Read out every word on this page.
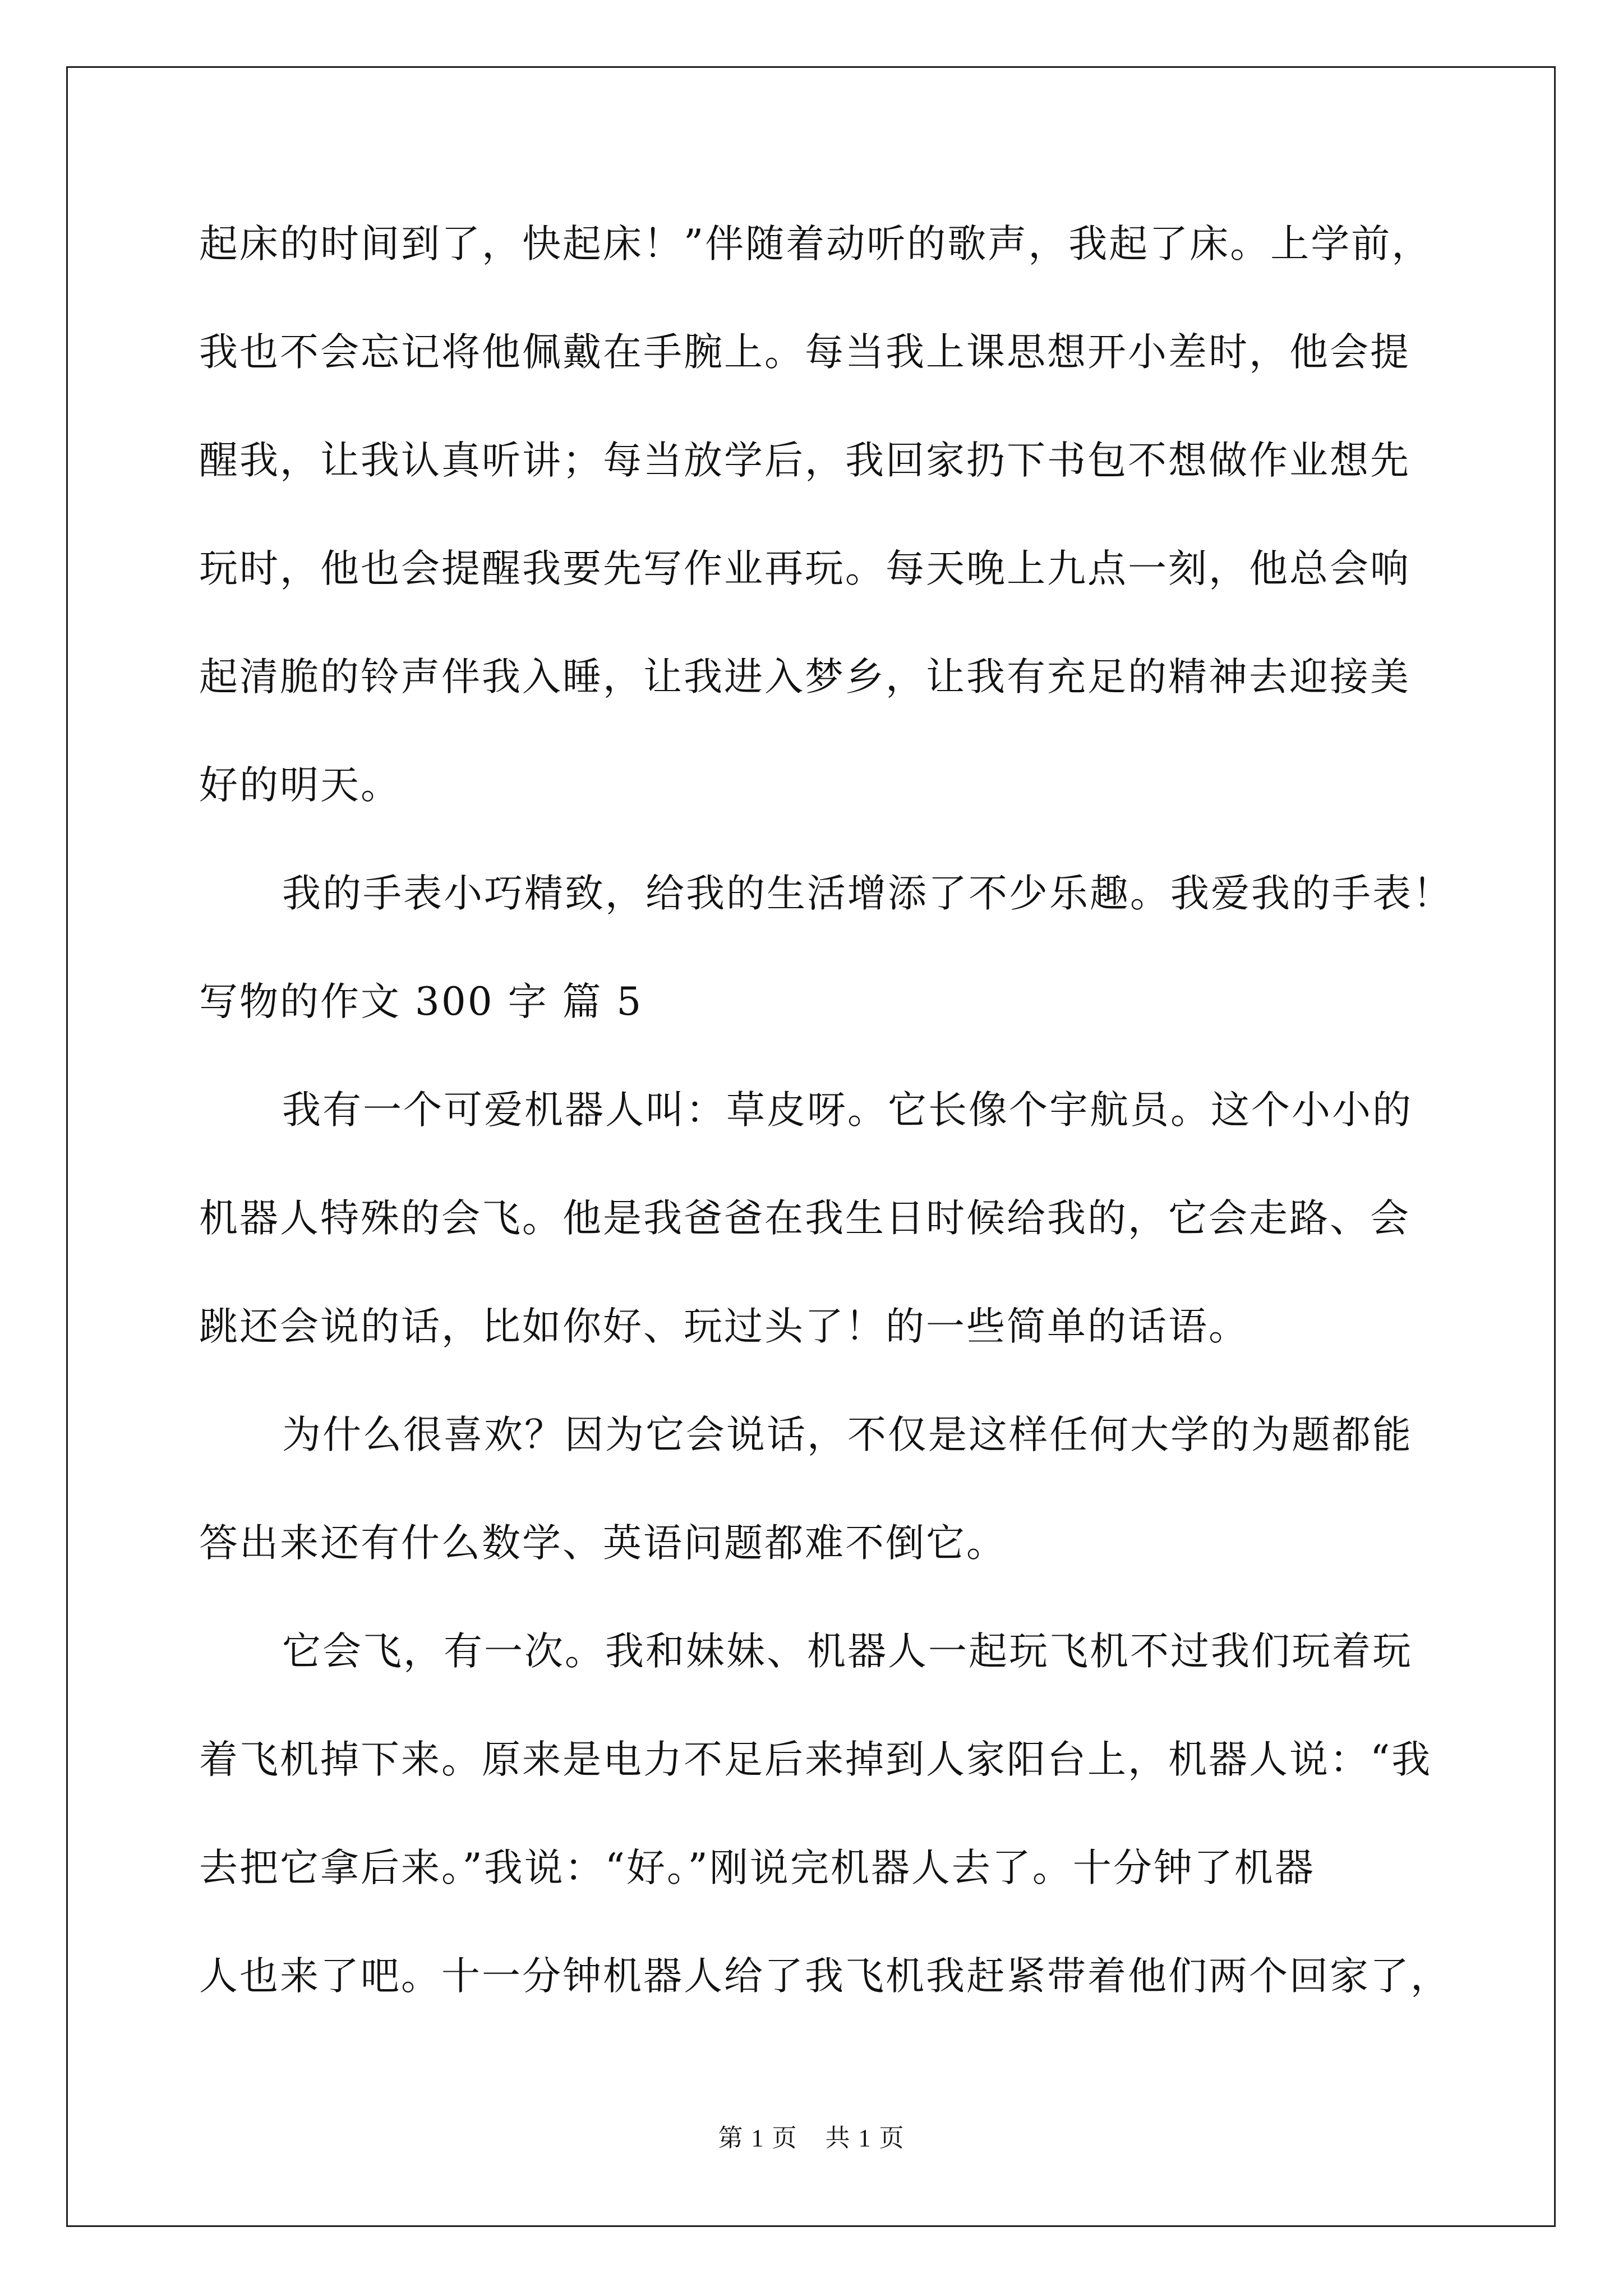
起床的时间到了，快起床！”伴随着动听的歌声，我起了床。上学前，
我也不会忘记将他佩戴在手腕上。每当我上课思想开小差时，他会提
醒我，让我认真听讲；每当放学后，我回家扔下书包不想做作业想先
玩时，他也会提醒我要先写作业再玩。每天晚上九点一刻，他总会响
起清脆的铃声伴我入睡，让我进入梦乡，让我有充足的精神去迎接美
好的明天。
我的手表小巧精致，给我的生活增添了不少乐趣。我爱我的手表！
写物的作文 300 字 篇 5
我有一个可爱机器人叫：草皮呀。它长像个宇航员。这个小小的
机器人特殊的会飞。他是我爸爸在我生日时候给我的，它会走路、会
跳还会说的话，比如你好、玩过头了！的一些简单的话语。
为什么很喜欢？因为它会说话，不仅是这样任何大学的为题都能
答出来还有什么数学、英语问题都难不倒它。
它会飞，有一次。我和妹妹、机器人一起玩飞机不过我们玩着玩
着飞机掉下来。原来是电力不足后来掉到人家阳台上，机器人说：“我
去把它拿后来。”我说：“好。”刚说完机器人去了。十分钟了机器
人也来了吧。十一分钟机器人给了我飞机我赶紧带着他们两个回家了，
第 1 页 共 1 页
